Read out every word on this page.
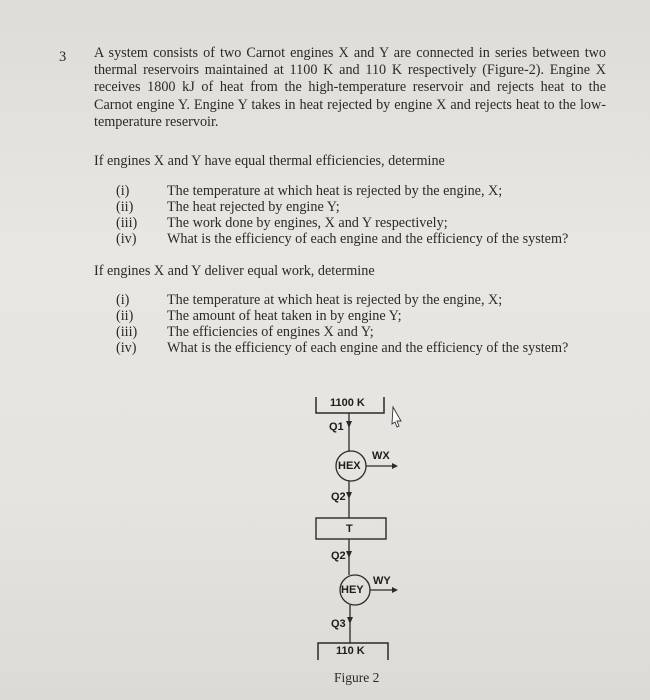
3 A system consists of two Carnot engines X and Y are connected in series between two thermal reservoirs maintained at 1100 K and 110 K respectively (Figure-2). Engine X receives 1800 kJ of heat from the high-temperature reservoir and rejects heat to the Carnot engine Y. Engine Y takes in heat rejected by engine X and rejects heat to the low-temperature reservoir.

If engines X and Y have equal thermal efficiencies, determine

(i)	The temperature at which heat is rejected by the engine, X;
(ii) The heat rejected by engine Y;
(iii) The work done by engines, X and Y respectively;
(iv) What is the efficiency of each engine and the efficiency of the system?

If engines X and Y deliver equal work, determine

(i)	The temperature at which heat is rejected by the engine, X;
(ii) The amount of heat taken in by engine Y;
(iii) The efficiencies of engines X and Y;
(iv) What is the efficiency of each engine and the efficiency of the system?
1100 K
Q1
HEX
WX
Q2
T
Q2
HEY
WY
Q3
110 K
Figure 2
